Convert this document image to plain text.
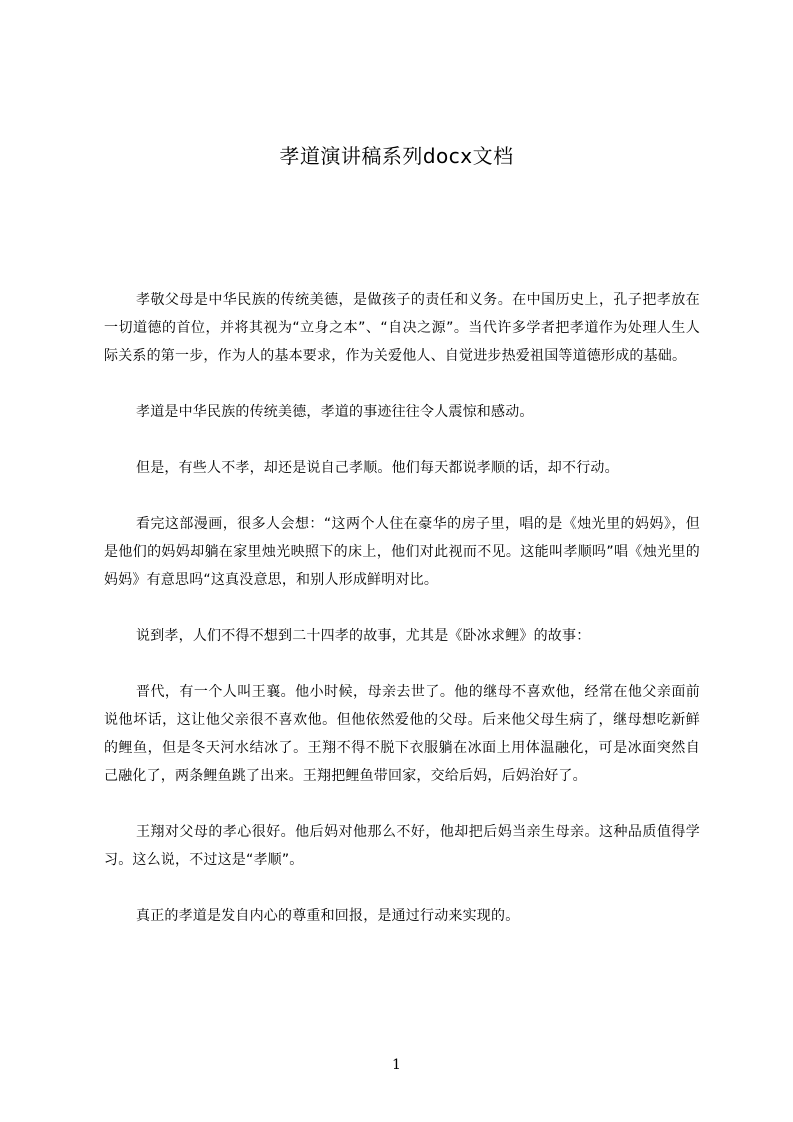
孝道演讲稿系列docx文档

孝敬父母是中华民族的传统美德，是做孩子的责任和义务。在中国历史上，孔子把孝放在一切道德的首位，并将其视为“立身之本”、“自决之源”。当代许多学者把孝道作为处理人生人际关系的第一步，作为人的基本要求，作为关爱他人、自觉进步热爱祖国等道德形成的基础。

孝道是中华民族的传统美德，孝道的事迹往往令人震惊和感动。

但是，有些人不孝，却还是说自己孝顺。他们每天都说孝顺的话，却不行动。

看完这部漫画，很多人会想：“这两个人住在豪华的房子里，唱的是《烛光里的妈妈》，但是他们的妈妈却躺在家里烛光映照下的床上，他们对此视而不见。这能叫孝顺吗”唱《烛光里的妈妈》有意思吗“这真没意思，和别人形成鲜明对比。

说到孝，人们不得不想到二十四孝的故事，尤其是《卧冰求鲤》的故事：

晋代，有一个人叫王襄。他小时候，母亲去世了。他的继母不喜欢他，经常在他父亲面前说他坏话，这让他父亲很不喜欢他。但他依然爱他的父母。后来他父母生病了，继母想吃新鲜的鲤鱼，但是冬天河水结冰了。王翔不得不脱下衣服躺在冰面上用体温融化，可是冰面突然自己融化了，两条鲤鱼跳了出来。王翔把鲤鱼带回家，交给后妈，后妈治好了。

王翔对父母的孝心很好。他后妈对他那么不好，他却把后妈当亲生母亲。这种品质值得学习。这么说，不过这是“孝顺”。

真正的孝道是发自内心的尊重和回报，是通过行动来实现的。

1
